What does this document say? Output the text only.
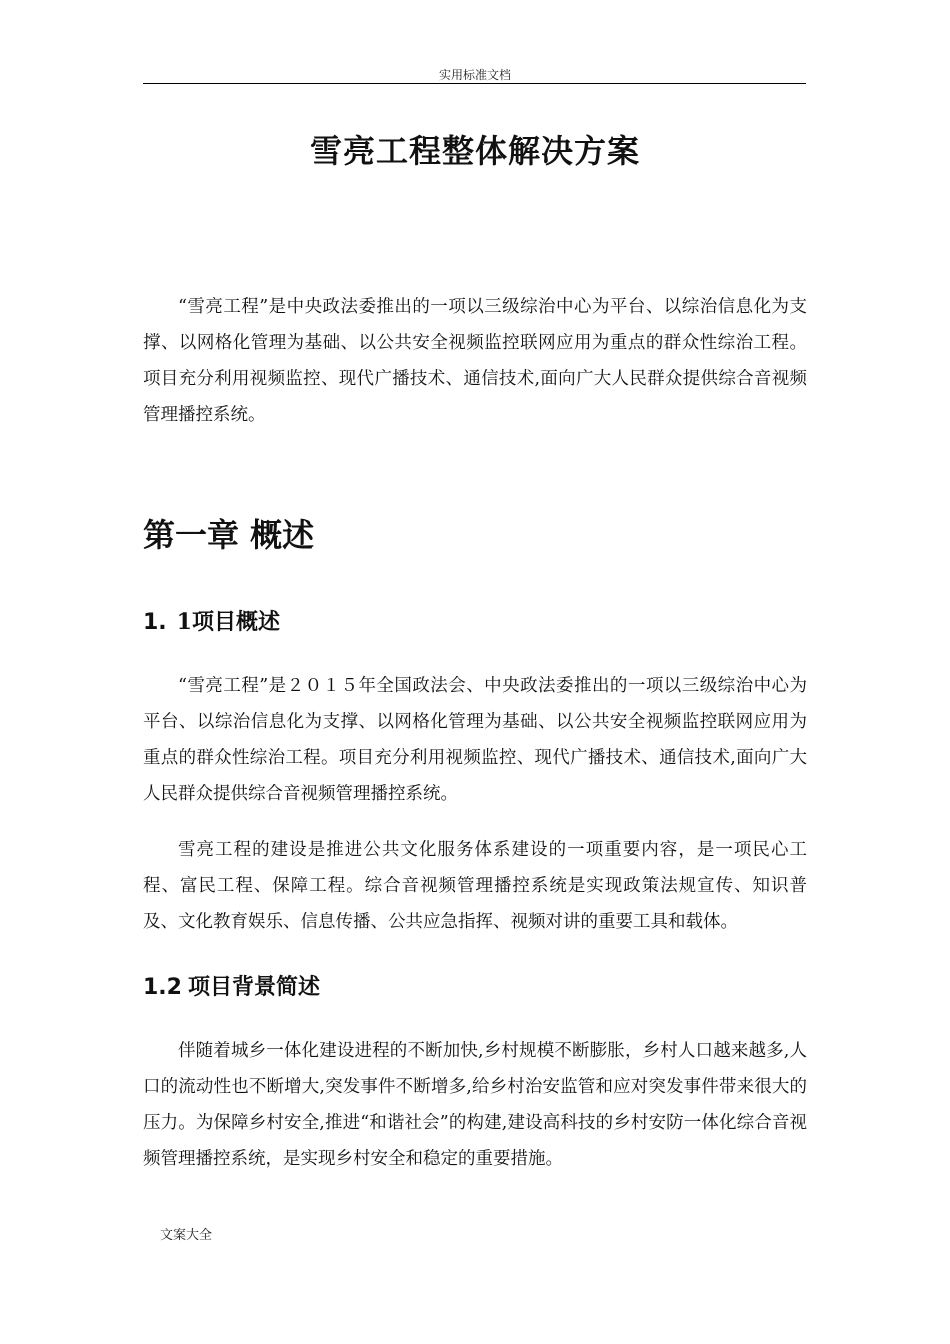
实用标准文档
雪亮工程整体解决方案

“雪亮工程”是中央政法委推出的一项以三级综治中心为平台、以综治信息化为支撑、以网格化管理为基础、以公共安全视频监控联网应用为重点的群众性综治工程。项目充分利用视频监控、现代广播技术、通信技术,面向广大人民群众提供综合音视频管理播控系统。

第一章 概述
1. 1项目概述

“雪亮工程”是２０１５年全国政法会、中央政法委推出的一项以三级综治中心为平台、以综治信息化为支撑、以网格化管理为基础、以公共安全视频监控联网应用为重点的群众性综治工程。项目充分利用视频监控、现代广播技术、通信技术,面向广大人民群众提供综合音视频管理播控系统。

雪亮工程的建设是推进公共文化服务体系建设的一项重要内容，是一项民心工程、富民工程、保障工程。综合音视频管理播控系统是实现政策法规宣传、知识普及、文化教育娱乐、信息传播、公共应急指挥、视频对讲的重要工具和载体。

1.2 项目背景简述

伴随着城乡一体化建设进程的不断加快,乡村规模不断膨胀，乡村人口越来越多,人口的流动性也不断增大,突发事件不断增多,给乡村治安监管和应对突发事件带来很大的压力。为保障乡村安全,推进“和谐社会”的构建,建设高科技的乡村安防一体化综合音视频管理播控系统，是实现乡村安全和稳定的重要措施。

文案大全
